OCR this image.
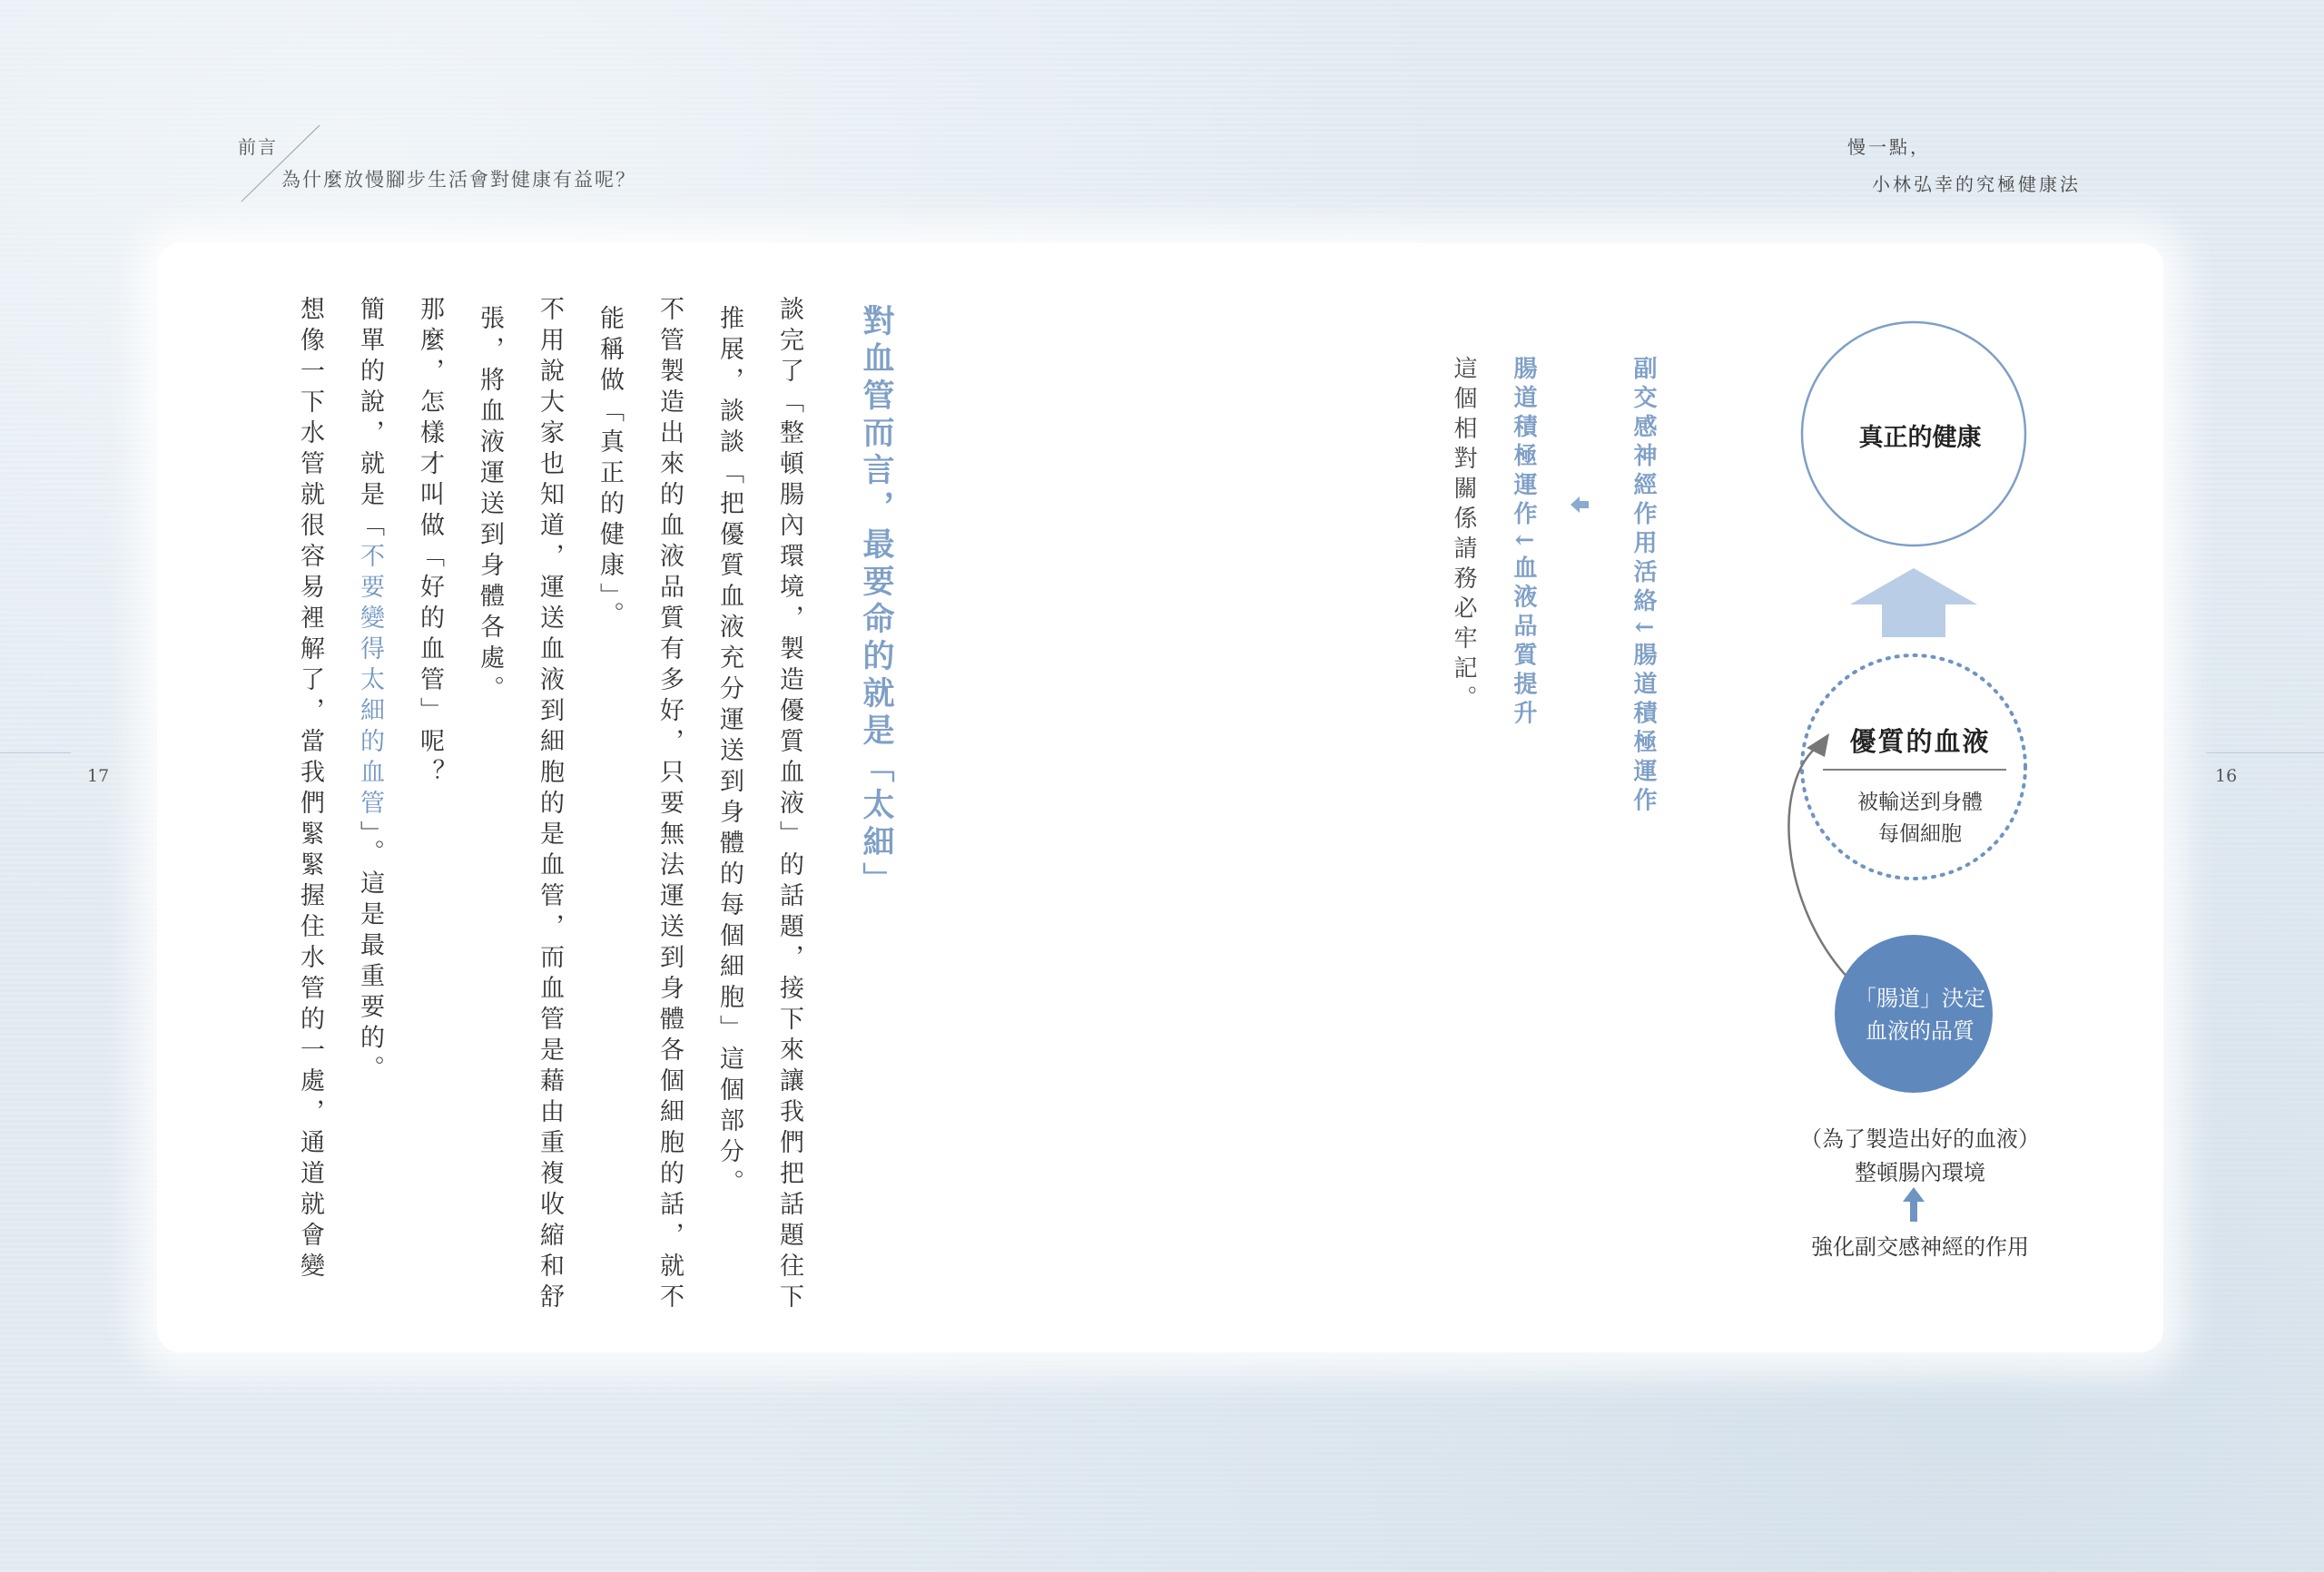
前言
為什麼放慢腳步生活會對健康有益呢？
慢一點，
小林弘幸的究極健康法
17	16
對血管而言，最要命的就是「太細」
談完了「整頓腸內環境，製造優質血液」的話題，接下來讓我們把話題往下
推展，談談「把優質血液充分運送到身體的每個細胞」這個部分。
不管製造出來的血液品質有多好，只要無法運送到身體各個細胞的話，就不
能稱做「真正的健康」。
不用說大家也知道，運送血液到細胞的是血管，而血管是藉由重複收縮和舒
張，將血液運送到身體各處。
那麼，怎樣才叫做「好的血管」呢？
簡單的說，就是「不要變得太細的血管」。這是最重要的。
想像一下水管就很容易裡解了，當我們緊緊握住水管的一處，通道就會變	副交感神經作用活絡↓腸道積極運作
腸道積極運作↓血液品質提升
這個相對關係請務必牢記。	真正的健康
優質的血液
被輸送到身體
每個細胞
「腸道」決定
血液的品質
（為了製造出好的血液）
整頓腸內環境
強化副交感神經的作用
